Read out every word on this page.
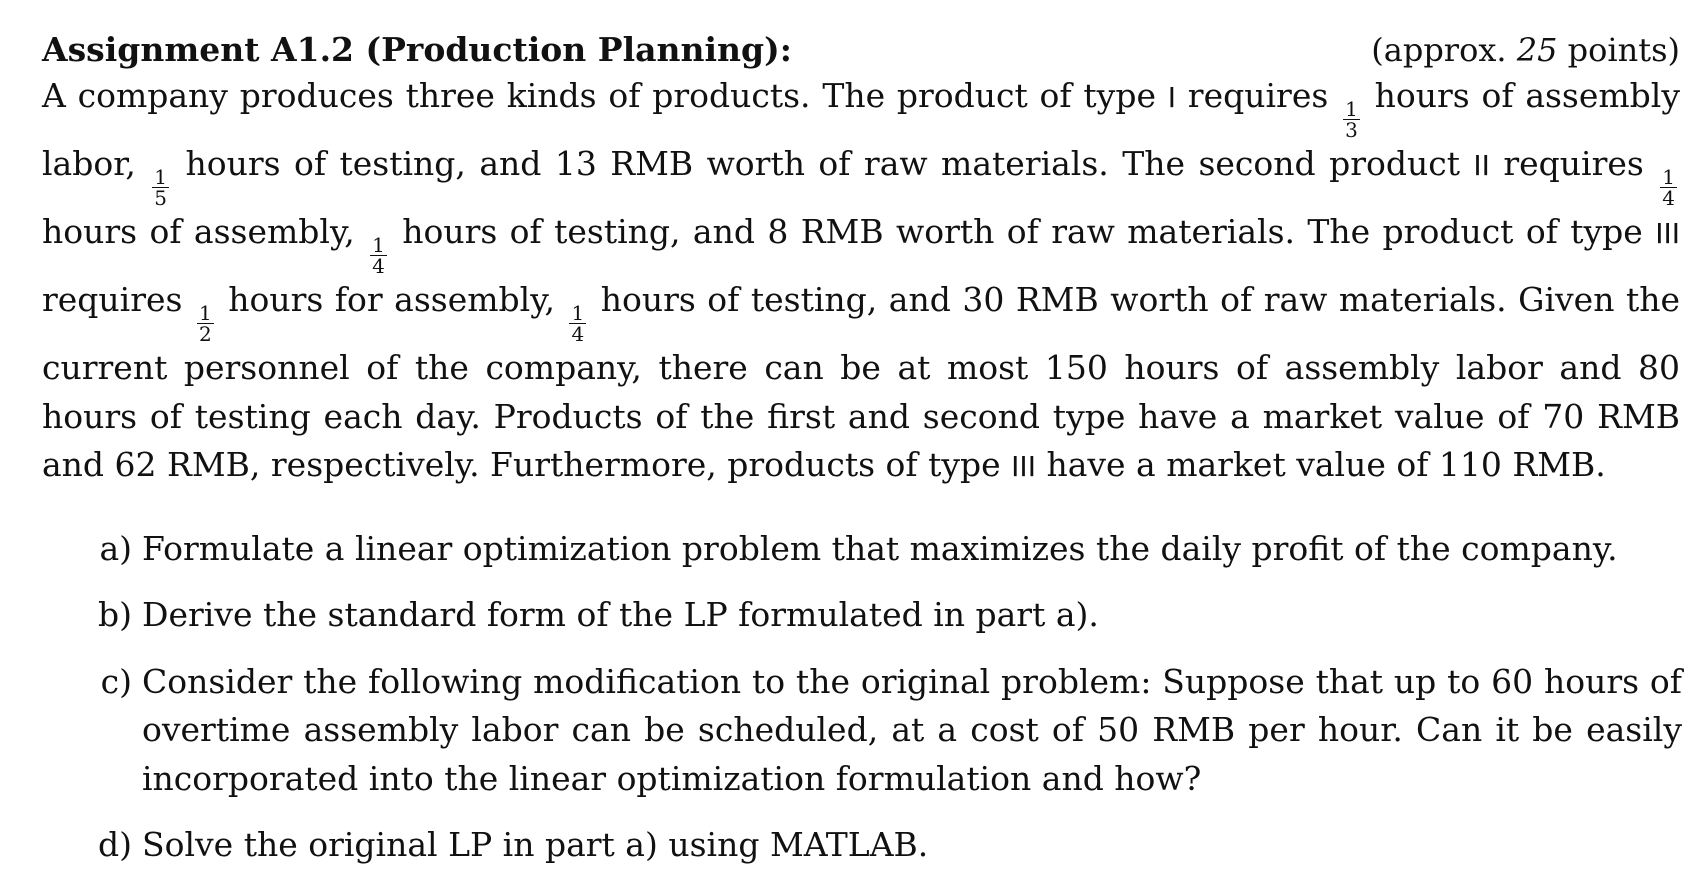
Assignment A1.2 (Production Planning):	(approx. 25 points)

A company produces three kinds of products. The product of type I requires
$\frac{1}{3}$
hours of assembly labor,
$\frac{1}{5}$
hours of testing, and 13 RMB worth of raw materials. The second product II requires
$\frac{1}{4}$
hours of assembly,
$\frac{1}{4}$
hours of testing, and 8 RMB worth of raw materials. The product of type III requires
$\frac{1}{2}$
hours for assembly,
$\frac{1}{4}$
hours of testing, and 30 RMB worth of raw materials. Given the current personnel of the company, there can be at most 150 hours of assembly labor and 80 hours of testing each day. Products of the first and second type have a market value of 70 RMB and 62 RMB, respectively. Furthermore, products of type III have a market value of 110 RMB.

a) Formulate a linear optimization problem that maximizes the daily profit of the company.
b) Derive the standard form of the LP formulated in part a).
c) Consider the following modification to the original problem: Suppose that up to 60 hours of overtime assembly labor can be scheduled, at a cost of 50 RMB per hour. Can it be easily incorporated into the linear optimization formulation and how?
d) Solve the original LP in part a) using MATLAB.
